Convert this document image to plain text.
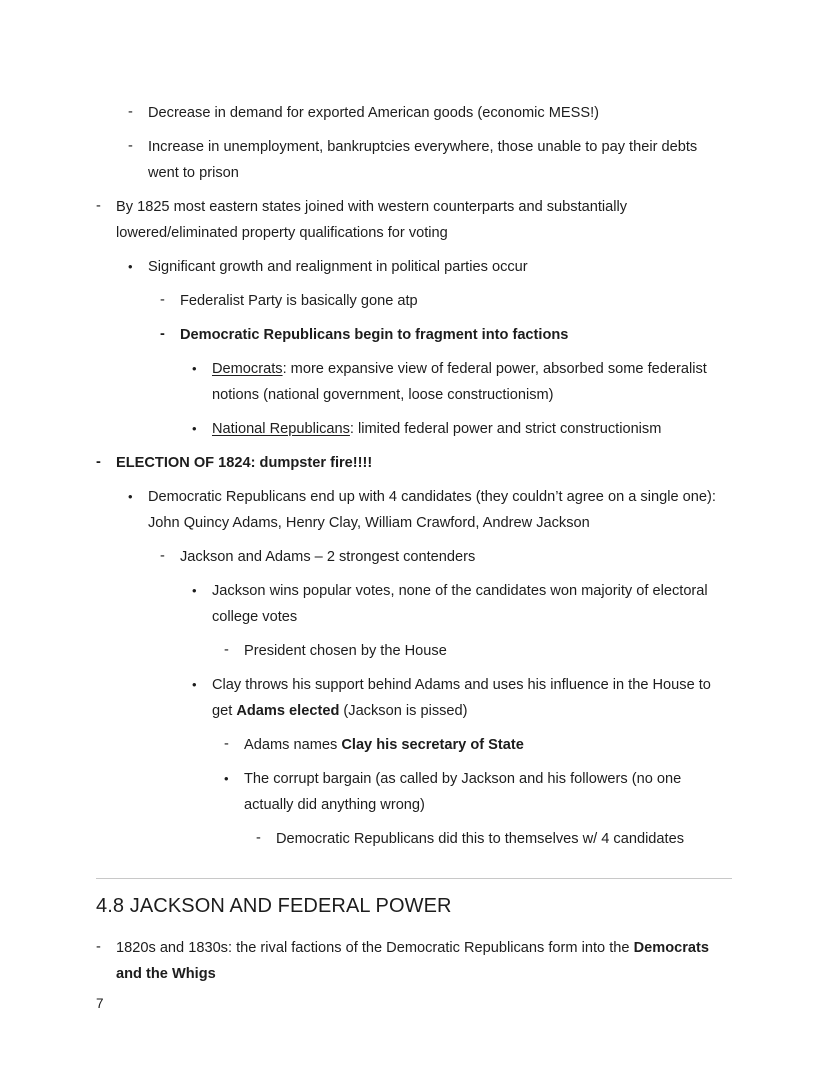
-	Decrease in demand for exported American goods (economic MESS!)
-	Increase in unemployment, bankruptcies everywhere, those unable to pay their debts went to prison
-	By 1825 most eastern states joined with western counterparts and substantially lowered/eliminated property qualifications for voting
•	Significant growth and realignment in political parties occur
-	Federalist Party is basically gone atp
-	Democratic Republicans begin to fragment into factions
•	Democrats: more expansive view of federal power, absorbed some federalist notions (national government, loose constructionism)
•	National Republicans: limited federal power and strict constructionism
-	ELECTION OF 1824: dumpster fire!!!!
•	Democratic Republicans end up with 4 candidates (they couldn’t agree on a single one): John Quincy Adams, Henry Clay, William Crawford, Andrew Jackson
-	Jackson and Adams – 2 strongest contenders
•	Jackson wins popular votes, none of the candidates won majority of electoral college votes
-	President chosen by the House
•	Clay throws his support behind Adams and uses his influence in the House to get Adams elected (Jackson is pissed)
-	Adams names Clay his secretary of State
•	The corrupt bargain (as called by Jackson and his followers (no one actually did anything wrong)
-	Democratic Republicans did this to themselves w/ 4 candidates
4.8 JACKSON AND FEDERAL POWER
-	1820s and 1830s: the rival factions of the Democratic Republicans form into the Democrats and the Whigs
7
